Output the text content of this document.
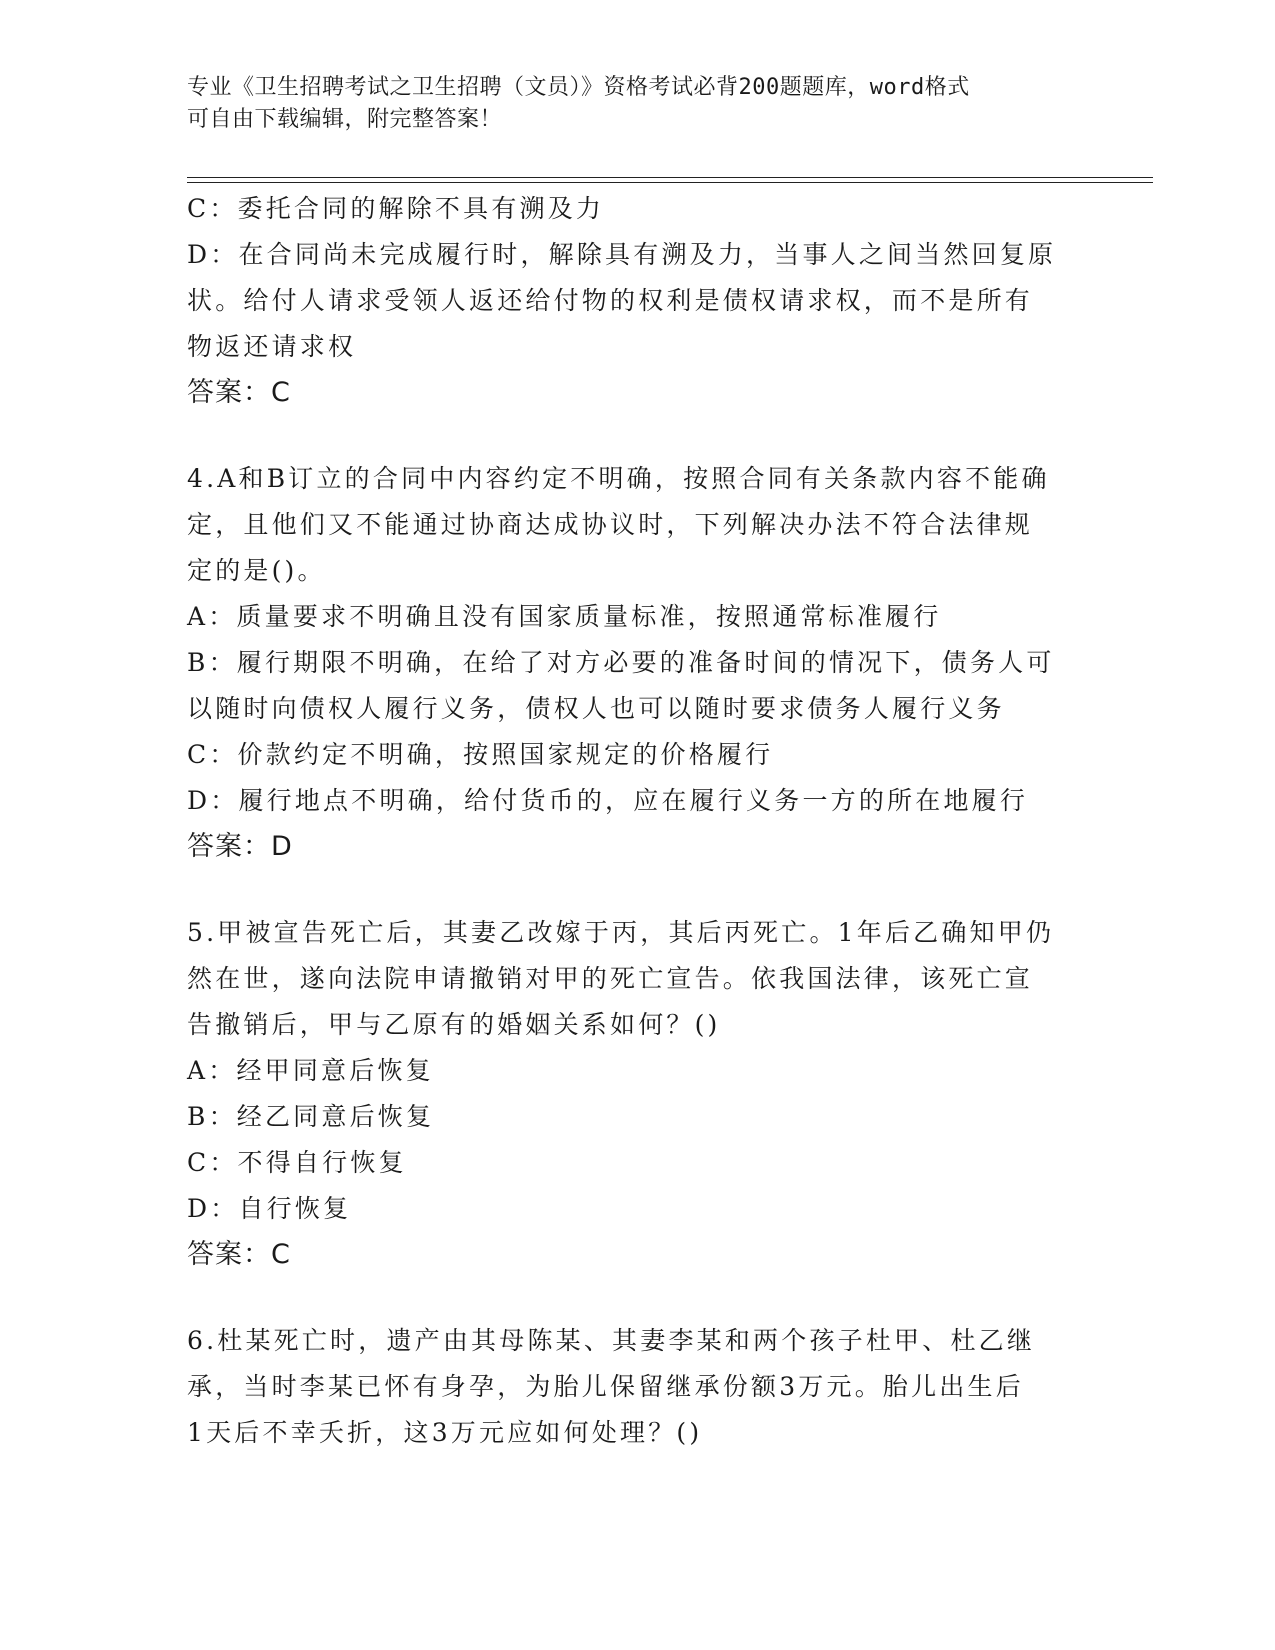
专业《卫生招聘考试之卫生招聘（文员）》资格考试必背200题题库，word格式
可自由下载编辑，附完整答案！
C：委托合同的解除不具有溯及力
D：在合同尚未完成履行时，解除具有溯及力，当事人之间当然回复原
状。给付人请求受领人返还给付物的权利是债权请求权，而不是所有
物返还请求权
答案：C
4.A和B订立的合同中内容约定不明确，按照合同有关条款内容不能确
定，且他们又不能通过协商达成协议时，下列解决办法不符合法律规
定的是()。
A：质量要求不明确且没有国家质量标准，按照通常标准履行
B：履行期限不明确，在给了对方必要的准备时间的情况下，债务人可
以随时向债权人履行义务，债权人也可以随时要求债务人履行义务
C：价款约定不明确，按照国家规定的价格履行
D：履行地点不明确，给付货币的，应在履行义务一方的所在地履行
答案：D
5.甲被宣告死亡后，其妻乙改嫁于丙，其后丙死亡。1年后乙确知甲仍
然在世，遂向法院申请撤销对甲的死亡宣告。依我国法律，该死亡宣
告撤销后，甲与乙原有的婚姻关系如何？()
A：经甲同意后恢复
B：经乙同意后恢复
C：不得自行恢复
D：自行恢复
答案：C
6.杜某死亡时，遗产由其母陈某、其妻李某和两个孩子杜甲、杜乙继
承，当时李某已怀有身孕，为胎儿保留继承份额3万元。胎儿出生后
1天后不幸夭折，这3万元应如何处理？()
